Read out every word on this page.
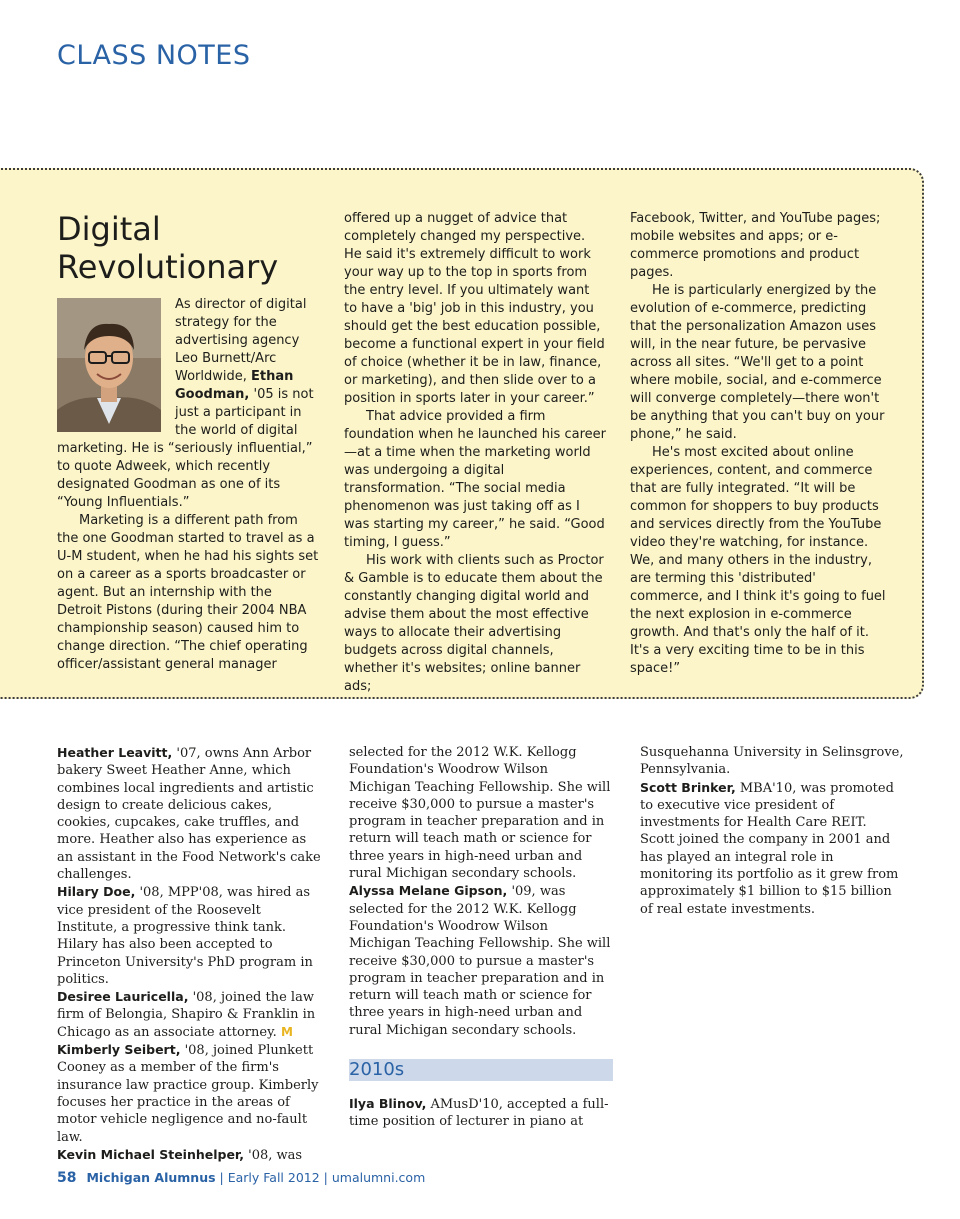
CLASS NOTES
Digital
Revolutionary

As director of digital strategy for the advertising agency Leo Burnett/Arc Worldwide, Ethan Goodman, '05 is not just a participant in the world of digital marketing. He is “seriously influential,” to quote Adweek, which recently designated Goodman as one of its “Young Influentials.”

Marketing is a different path from the one Goodman started to travel as a U-M student, when he had his sights set on a career as a sports broadcaster or agent. But an internship with the Detroit Pistons (during their 2004 NBA championship season) caused him to change direction. “The chief operating officer/assistant general manager

offered up a nugget of advice that completely changed my perspective. He said it's extremely difficult to work your way up to the top in sports from the entry level. If you ultimately want to have a 'big' job in this industry, you should get the best education possible, become a functional expert in your field of choice (whether it be in law, finance, or marketing), and then slide over to a position in sports later in your career.”

That advice provided a firm foundation when he launched his career—at a time when the marketing world was undergoing a digital transformation. “The social media phenomenon was just taking off as I was starting my career,” he said. “Good timing, I guess.”

His work with clients such as Proctor & Gamble is to educate them about the constantly changing digital world and advise them about the most effective ways to allocate their advertising budgets across digital channels, whether it's websites; online banner ads;

Facebook, Twitter, and YouTube pages; mobile websites and apps; or e-commerce promotions and product pages.

He is particularly energized by the evolution of e-commerce, predicting that the personalization Amazon uses will, in the near future, be pervasive across all sites. “We'll get to a point where mobile, social, and e-commerce will converge completely—there won't be anything that you can't buy on your phone,” he said.

He's most excited about online experiences, content, and commerce that are fully integrated. “It will be common for shoppers to buy products and services directly from the YouTube video they're watching, for instance. We, and many others in the industry, are terming this 'distributed' commerce, and I think it's going to fuel the next explosion in e-commerce growth. And that's only the half of it. It's a very exciting time to be in this space!”

Heather Leavitt, '07, owns Ann Arbor bakery Sweet Heather Anne, which combines local ingredients and artistic design to create delicious cakes, cookies, cupcakes, cake truffles, and more. Heather also has experience as an assistant in the Food Network's cake challenges.

Hilary Doe, '08, MPP'08, was hired as vice president of the Roosevelt Institute, a progressive think tank. Hilary has also been accepted to Princeton University's PhD program in politics.

Desiree Lauricella, '08, joined the law firm of Belongia, Shapiro & Franklin in Chicago as an associate attorney. M

Kimberly Seibert, '08, joined Plunkett Cooney as a member of the firm's insurance law practice group. Kimberly focuses her practice in the areas of motor vehicle negligence and no-fault law.

Kevin Michael Steinhelper, '08, was

selected for the 2012 W.K. Kellogg Foundation's Woodrow Wilson Michigan Teaching Fellowship. She will receive $30,000 to pursue a master's program in teacher preparation and in return will teach math or science for three years in high-need urban and rural Michigan secondary schools.

Alyssa Melane Gipson, '09, was selected for the 2012 W.K. Kellogg Foundation's Woodrow Wilson Michigan Teaching Fellowship. She will receive $30,000 to pursue a master's program in teacher preparation and in return will teach math or science for three years in high-need urban and rural Michigan secondary schools.

2010s

Ilya Blinov, AMusD'10, accepted a full-time position of lecturer in piano at

Susquehanna University in Selinsgrove, Pennsylvania.

Scott Brinker, MBA'10, was promoted to executive vice president of investments for Health Care REIT. Scott joined the company in 2001 and has played an integral role in monitoring its portfolio as it grew from approximately $1 billion to $15 billion of real estate investments.

58 Michigan Alumnus | Early Fall 2012 | umalumni.com
